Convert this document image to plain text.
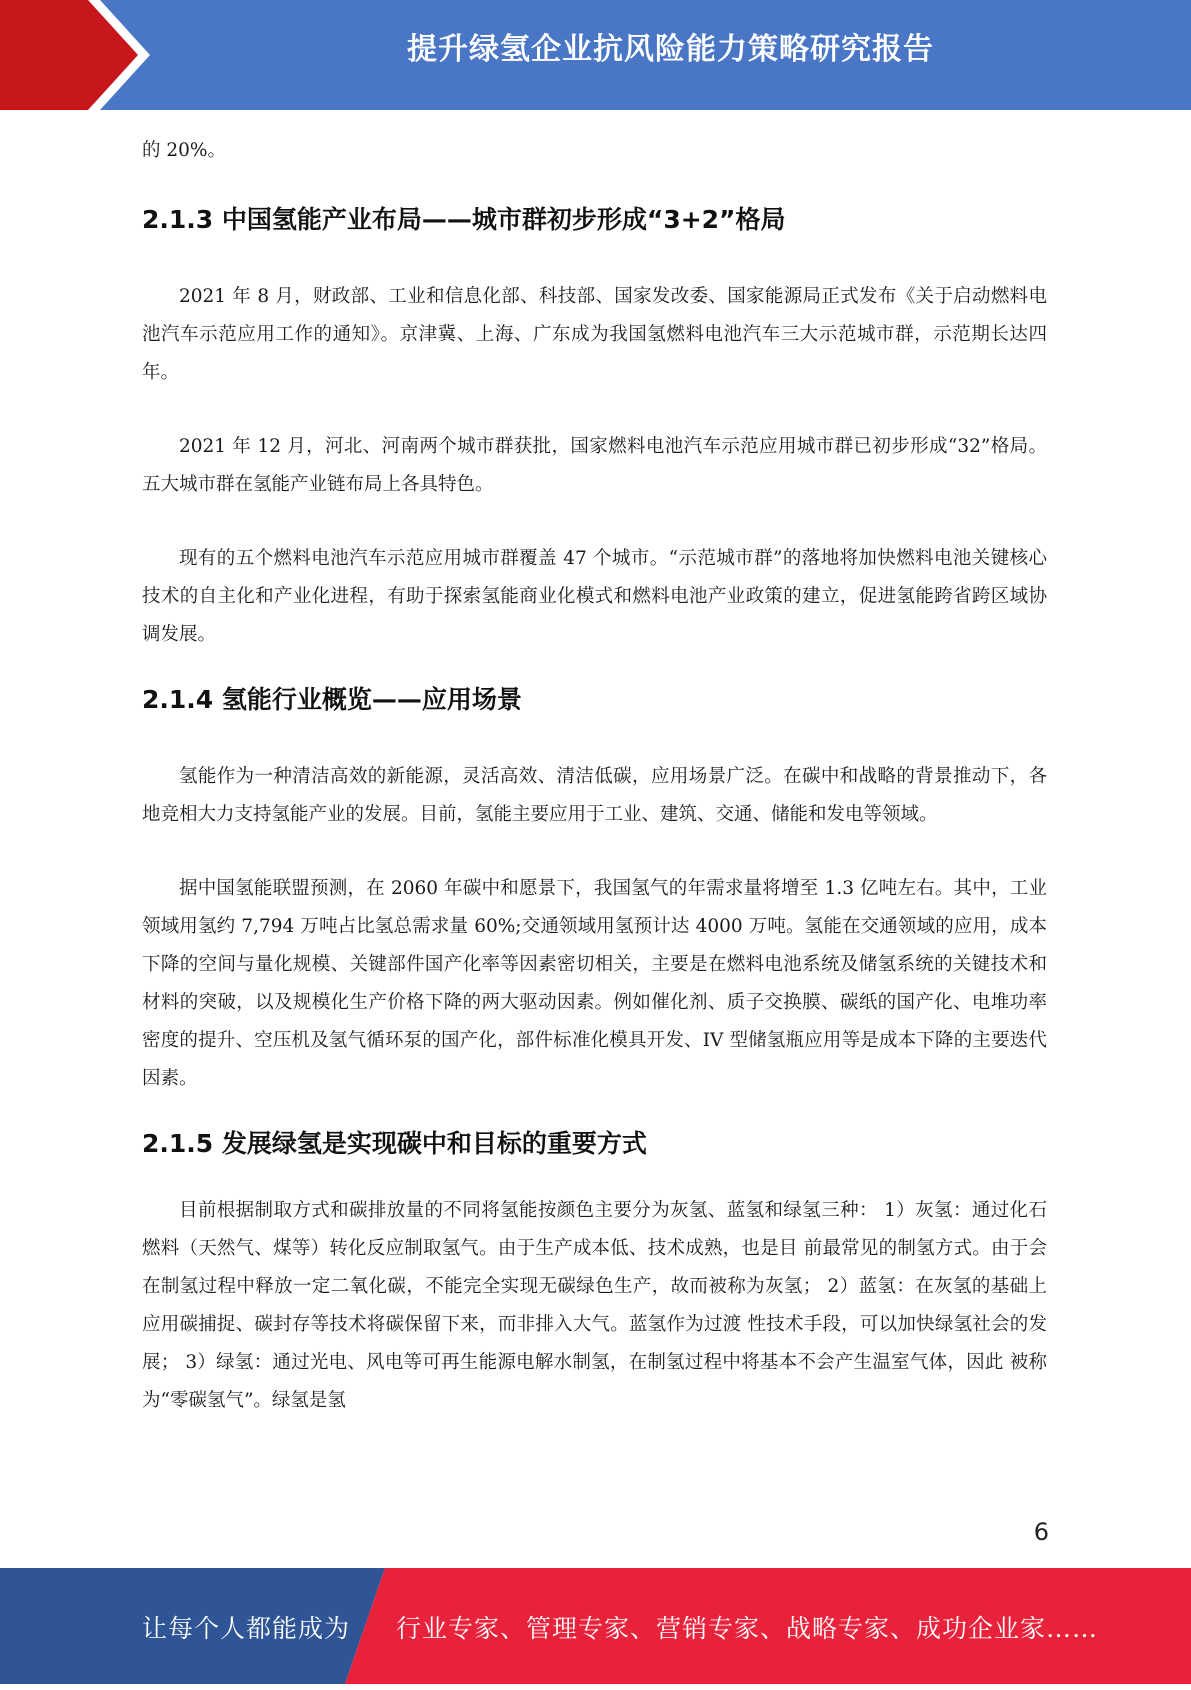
提升绿氢企业抗风险能力策略研究报告

的 20%。

2.1.3 中国氢能产业布局——城市群初步形成“3+2”格局

2021 年 8 月，财政部、工业和信息化部、科技部、国家发改委、国家能源局正式发布《关于启动燃料电池汽车示范应用工作的通知》。京津冀、上海、广东成为我国氢燃料电池汽车三大示范城市群，示范期长达四年。

2021 年 12 月，河北、河南两个城市群获批，国家燃料电池汽车示范应用城市群已初步形成“32”格局。五大城市群在氢能产业链布局上各具特色。

现有的五个燃料电池汽车示范应用城市群覆盖 47 个城市。“示范城市群”的落地将加快燃料电池关键核心技术的自主化和产业化进程，有助于探索氢能商业化模式和燃料电池产业政策的建立，促进氢能跨省跨区域协调发展。

2.1.4 氢能行业概览——应用场景

氢能作为一种清洁高效的新能源，灵活高效、清洁低碳，应用场景广泛。在碳中和战略的背景推动下，各地竞相大力支持氢能产业的发展。目前，氢能主要应用于工业、建筑、交通、储能和发电等领域。

据中国氢能联盟预测，在 2060 年碳中和愿景下，我国氢气的年需求量将增至 1.3 亿吨左右。其中，工业领域用氢约 7,794 万吨占比氢总需求量 60%;交通领域用氢预计达 4000 万吨。氢能在交通领域的应用，成本下降的空间与量化规模、关键部件国产化率等因素密切相关，主要是在燃料电池系统及储氢系统的关键技术和材料的突破，以及规模化生产价格下降的两大驱动因素。例如催化剂、质子交换膜、碳纸的国产化、电堆功率密度的提升、空压机及氢气循环泵的国产化，部件标准化模具开发、IV 型储氢瓶应用等是成本下降的主要迭代因素。

2.1.5 发展绿氢是实现碳中和目标的重要方式

目前根据制取方式和碳排放量的不同将氢能按颜色主要分为灰氢、蓝氢和绿氢三种： 1）灰氢：通过化石燃料（天然气、煤等）转化反应制取氢气。由于生产成本低、技术成熟，也是目 前最常见的制氢方式。由于会在制氢过程中释放一定二氧化碳，不能完全实现无碳绿色生产，故而被称为灰氢； 2）蓝氢：在灰氢的基础上应用碳捕捉、碳封存等技术将碳保留下来，而非排入大气。蓝氢作为过渡 性技术手段，可以加快绿氢社会的发展； 3）绿氢：通过光电、风电等可再生能源电解水制氢，在制氢过程中将基本不会产生温室气体，因此 被称为“零碳氢气”。绿氢是氢

6
让每个人都能成为 行业专家、管理专家、营销专家、战略专家、成功企业家……
